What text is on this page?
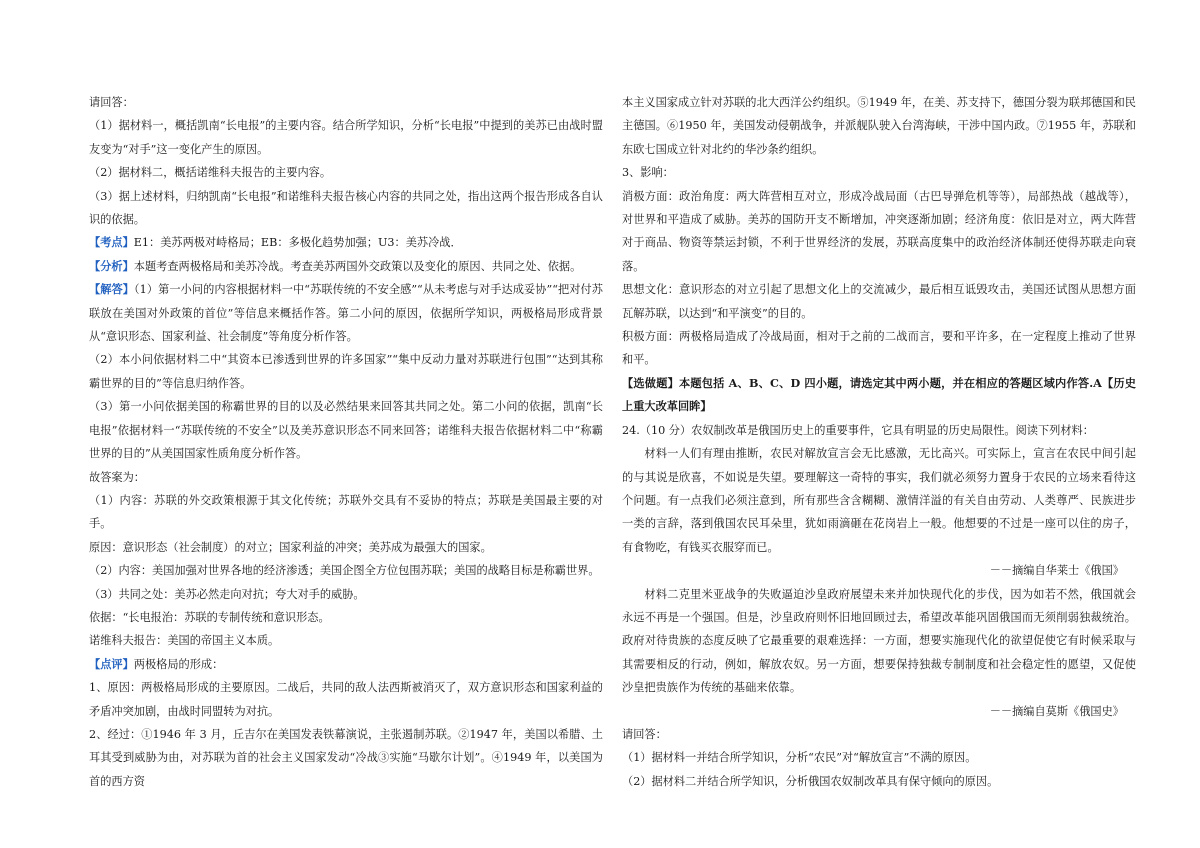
请回答：

（1）据材料一，概括凯南“长电报”的主要内容。结合所学知识，分析“长电报”中提到的美苏已由战时盟友变为“对手”这一变化产生的原因。

（2）据材料二，概括诺维科夫报告的主要内容。

（3）据上述材料，归纳凯南“长电报”和诺维科夫报告核心内容的共同之处，指出这两个报告形成各自认识的依据。

【考点】E1：美苏两极对峙格局；EB：多极化趋势加强；U3：美苏冷战．

【分析】本题考查两极格局和美苏冷战。考查美苏两国外交政策以及变化的原因、共同之处、依据。

【解答】（1）第一小问的内容根据材料一中“苏联传统的不安全感”“从未考虑与对手达成妥协”“把对付苏联放在美国对外政策的首位”等信息来概括作答。第二小问的原因，依据所学知识，两极格局形成背景从“意识形态、国家利益、社会制度”等角度分析作答。

（2）本小问依据材料二中“其资本已渗透到世界的许多国家”“集中反动力量对苏联进行包围”“达到其称霸世界的目的”等信息归纳作答。

（3）第一小问依据美国的称霸世界的目的以及必然结果来回答其共同之处。第二小问的依据，凯南“长电报”依据材料一“苏联传统的不安全”以及美苏意识形态不同来回答；诺维科夫报告依据材料二中“称霸世界的目的”从美国国家性质角度分析作答。

故答案为：

（1）内容：苏联的外交政策根源于其文化传统；苏联外交具有不妥协的特点；苏联是美国最主要的对手。

原因：意识形态（社会制度）的对立；国家利益的冲突；美苏成为最强大的国家。

（2）内容：美国加强对世界各地的经济渗透；美国企图全方位包围苏联；美国的战略目标是称霸世界。

（3）共同之处：美苏必然走向对抗；夸大对手的威胁。

依据：“长电报治：苏联的专制传统和意识形态。

诺维科夫报告：美国的帝国主义本质。

【点评】两极格局的形成：

1、原因：两极格局形成的主要原因。二战后，共同的敌人法西斯被消灭了，双方意识形态和国家利益的矛盾冲突加剧，由战时同盟转为对抗。

2、经过：①1946 年 3 月，丘吉尔在美国发表铁幕演说，主张遏制苏联。②1947 年，美国以希腊、土耳其受到威胁为由，对苏联为首的社会主义国家发动“冷战③实施“马歇尔计划”。④1949 年，以美国为首的西方资

本主义国家成立针对苏联的北大西洋公约组织。⑤1949 年，在美、苏支持下，德国分裂为联邦德国和民主德国。⑥1950 年，美国发动侵朝战争，并派舰队驶入台湾海峡，干涉中国内政。⑦1955 年，苏联和东欧七国成立针对北约的华沙条约组织。

3、影响：

消极方面：政治角度：两大阵营相互对立，形成冷战局面（古巴导弹危机等等），局部热战（越战等），对世界和平造成了威胁。美苏的国防开支不断增加，冲突逐渐加剧；经济角度：依旧是对立，两大阵营对于商品、物资等禁运封锁，不利于世界经济的发展，苏联高度集中的政治经济体制还使得苏联走向衰落。

思想文化：意识形态的对立引起了思想文化上的交流减少，最后相互诋毁攻击，美国还试图从思想方面瓦解苏联，以达到“和平演变”的目的。

积极方面：两极格局造成了冷战局面，相对于之前的二战而言，要和平许多，在一定程度上推动了世界和平。

【选做题】本题包括 A、B、C、D 四小题，请选定其中两小题，并在相应的答题区域内作答.A【历史上重大改革回眸】

24.（10 分）农奴制改革是俄国历史上的重要事件，它具有明显的历史局限性。阅读下列材料：

材料一人们有理由推断，农民对解放宣言会无比感激，无比高兴。可实际上，宣言在农民中间引起的与其说是欣喜，不如说是失望。要理解这一奇特的事实，我们就必须努力置身于农民的立场来看待这个问题。有一点我们必须注意到，所有那些含含糊糊、激情洋溢的有关自由劳动、人类尊严、民族进步一类的言辞，落到俄国农民耳朵里，犹如雨滴砸在花岗岩上一般。他想要的不过是一座可以住的房子，有食物吃，有钱买衣服穿而已。

－－摘编自华莱士《俄国》

材料二克里米亚战争的失败逼迫沙皇政府展望未来并加快现代化的步伐，因为如若不然，俄国就会永远不再是一个强国。但是，沙皇政府则怀旧地回顾过去，希望改革能巩固俄国而无须削弱独裁统治。政府对待贵族的态度反映了它最重要的艰难选择：一方面，想要实施现代化的欲望促使它有时候采取与其需要相反的行动，例如，解放农奴。另一方面，想要保持独裁专制制度和社会稳定性的愿望，又促使沙皇把贵族作为传统的基础来依靠。

－－摘编自莫斯《俄国史》

请回答：

（1）据材料一并结合所学知识，分析“农民”对“解放宣言”不满的原因。

（2）据材料二并结合所学知识，分析俄国农奴制改革具有保守倾向的原因。
